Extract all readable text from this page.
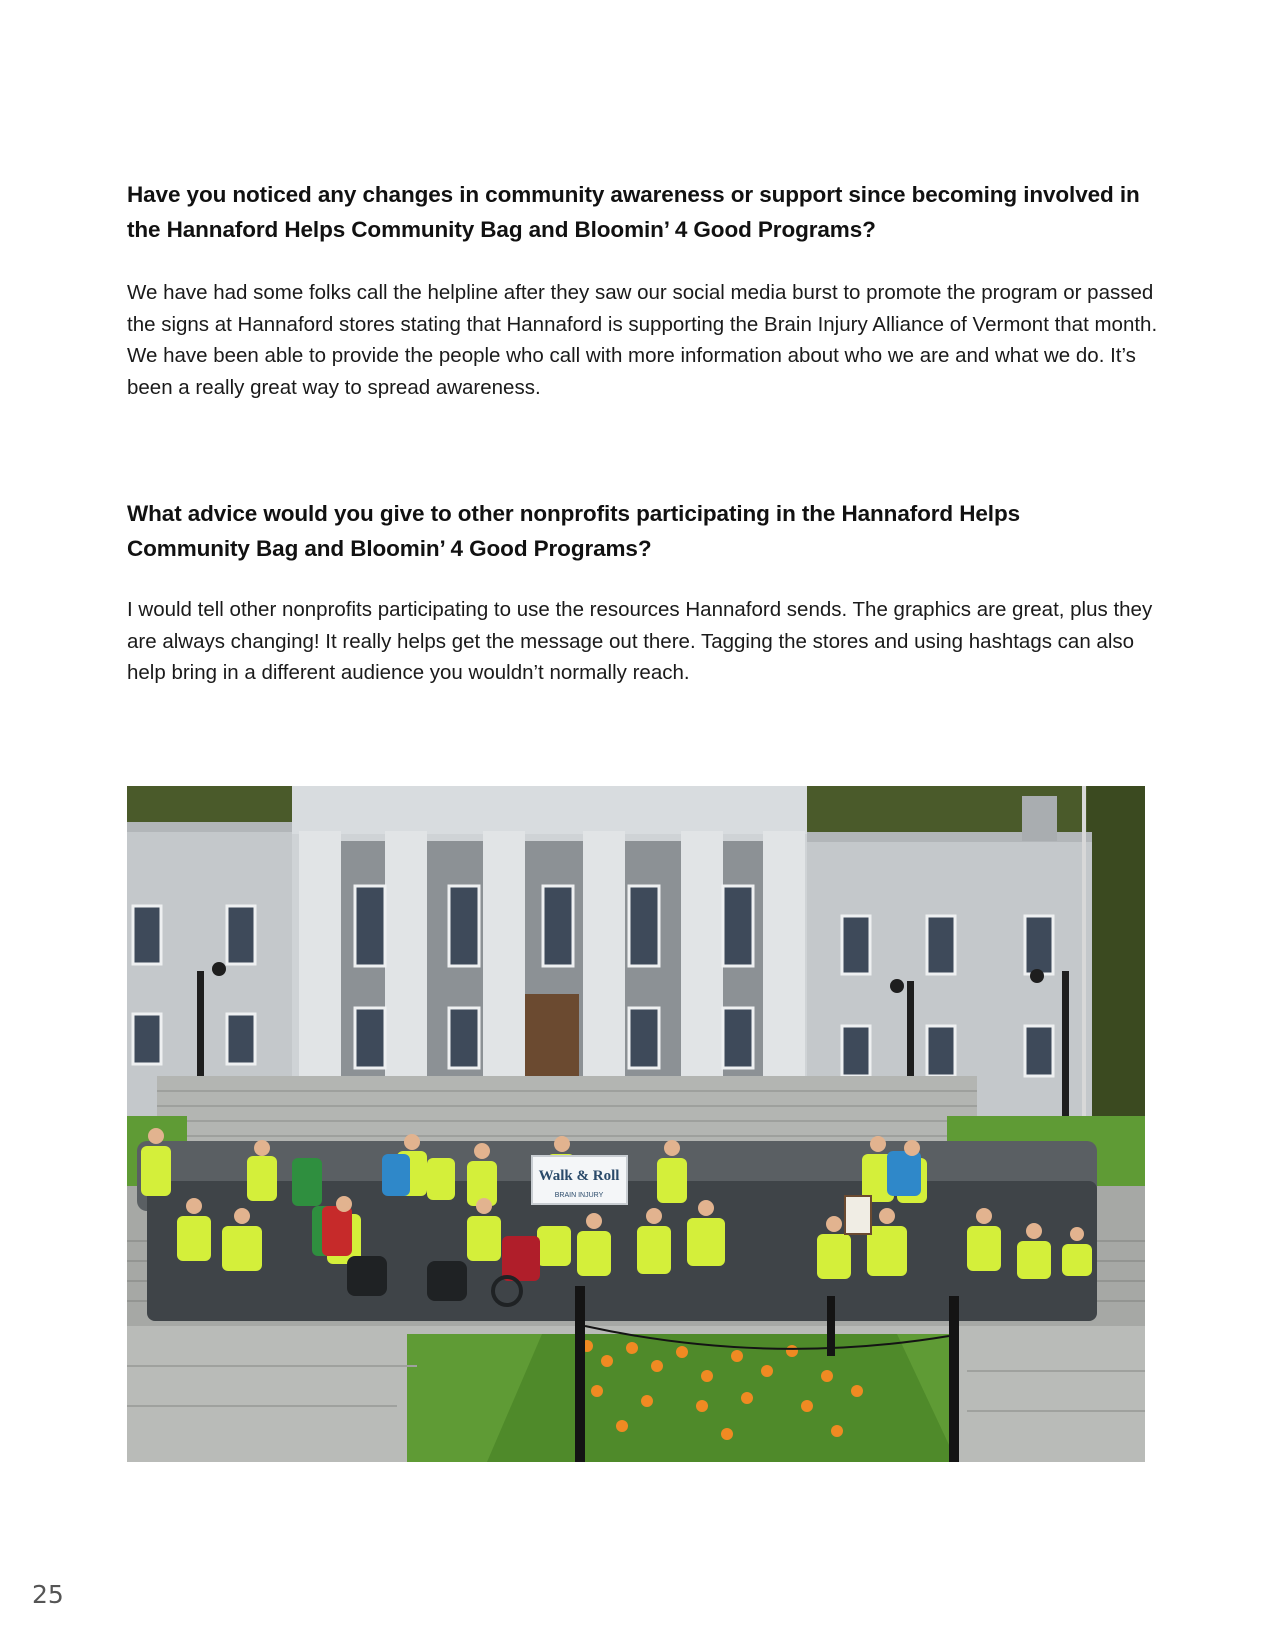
Have you noticed any changes in community awareness or support since becoming involved in the Hannaford Helps Community Bag and Bloomin’ 4 Good Programs?

We have had some folks call the helpline after they saw our social media burst to promote the program or passed the signs at Hannaford stores stating that Hannaford is supporting the Brain Injury Alliance of Vermont that month. We have been able to provide the people who call with more information about who we are and what we do. It’s been a really great way to spread awareness.

What advice would you give to other nonprofits participating in the Hannaford Helps Community Bag and Bloomin’ 4 Good Programs?

I would tell other nonprofits participating to use the resources Hannaford sends. The graphics are great, plus they are always changing! It really helps get the message out there. Tagging the stores and using hashtags can also help bring in a different audience you wouldn’t normally reach.

Walk & Roll
BRAIN INJURY
25
